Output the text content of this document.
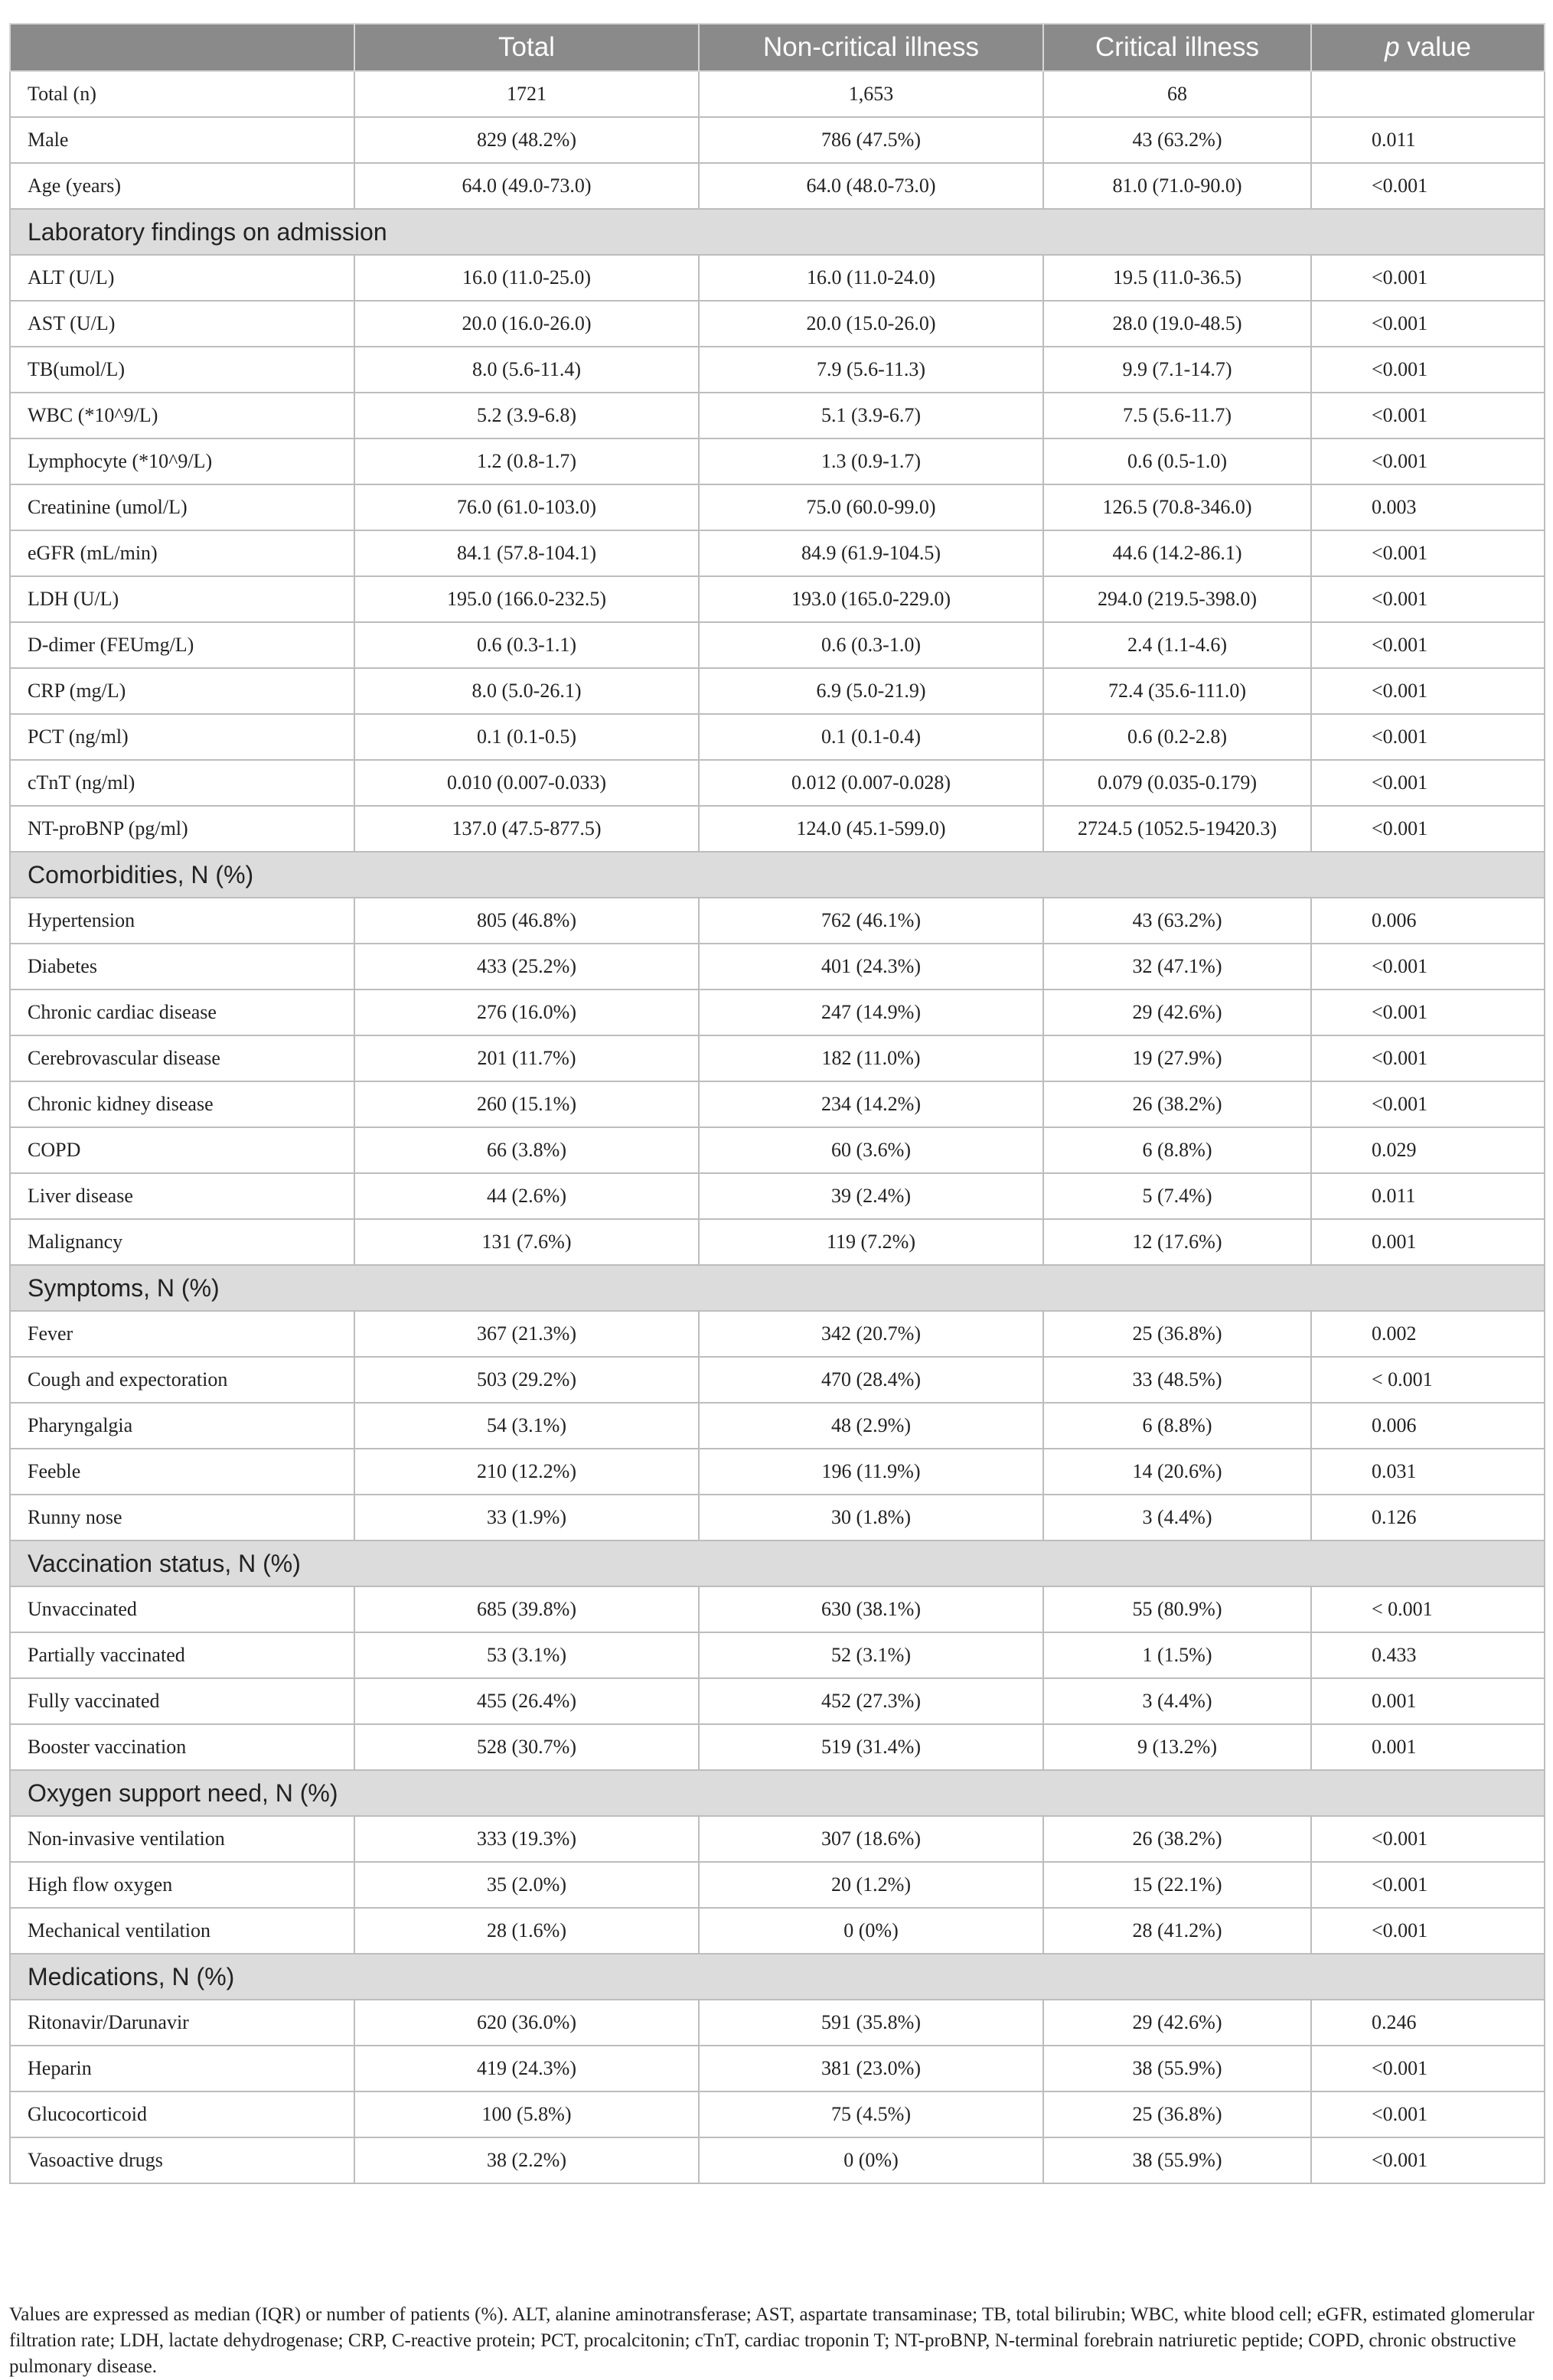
	Total	Non-critical illness	Critical illness	p value
Total (n)	1721	1,653	68	
Male	829 (48.2%)	786 (47.5%)	43 (63.2%)	0.011
Age (years)	64.0 (49.0-73.0)	64.0 (48.0-73.0)	81.0 (71.0-90.0)	<0.001
Laboratory findings on admission				
ALT (U/L)	16.0 (11.0-25.0)	16.0 (11.0-24.0)	19.5 (11.0-36.5)	<0.001
AST (U/L)	20.0 (16.0-26.0)	20.0 (15.0-26.0)	28.0 (19.0-48.5)	<0.001
TB(umol/L)	8.0 (5.6-11.4)	7.9 (5.6-11.3)	9.9 (7.1-14.7)	<0.001
WBC (*10^9/L)	5.2 (3.9-6.8)	5.1 (3.9-6.7)	7.5 (5.6-11.7)	<0.001
Lymphocyte (*10^9/L)	1.2 (0.8-1.7)	1.3 (0.9-1.7)	0.6 (0.5-1.0)	<0.001
Creatinine (umol/L)	76.0 (61.0-103.0)	75.0 (60.0-99.0)	126.5 (70.8-346.0)	0.003
eGFR (mL/min)	84.1 (57.8-104.1)	84.9 (61.9-104.5)	44.6 (14.2-86.1)	<0.001
LDH (U/L)	195.0 (166.0-232.5)	193.0 (165.0-229.0)	294.0 (219.5-398.0)	<0.001
D-dimer (FEUmg/L)	0.6 (0.3-1.1)	0.6 (0.3-1.0)	2.4 (1.1-4.6)	<0.001
CRP (mg/L)	8.0 (5.0-26.1)	6.9 (5.0-21.9)	72.4 (35.6-111.0)	<0.001
PCT (ng/ml)	0.1 (0.1-0.5)	0.1 (0.1-0.4)	0.6 (0.2-2.8)	<0.001
cTnT (ng/ml)	0.010 (0.007-0.033)	0.012 (0.007-0.028)	0.079 (0.035-0.179)	<0.001
NT-proBNP (pg/ml)	137.0 (47.5-877.5)	124.0 (45.1-599.0)	2724.5 (1052.5-19420.3)	<0.001
Comorbidities, N (%)				
Hypertension	805 (46.8%)	762 (46.1%)	43 (63.2%)	0.006
Diabetes	433 (25.2%)	401 (24.3%)	32 (47.1%)	<0.001
Chronic cardiac disease	276 (16.0%)	247 (14.9%)	29 (42.6%)	<0.001
Cerebrovascular disease	201 (11.7%)	182 (11.0%)	19 (27.9%)	<0.001
Chronic kidney disease	260 (15.1%)	234 (14.2%)	26 (38.2%)	<0.001
COPD	66 (3.8%)	60 (3.6%)	6 (8.8%)	0.029
Liver disease	44 (2.6%)	39 (2.4%)	5 (7.4%)	0.011
Malignancy	131 (7.6%)	119 (7.2%)	12 (17.6%)	0.001
Symptoms, N (%)				
Fever	367 (21.3%)	342 (20.7%)	25 (36.8%)	0.002
Cough and expectoration	503 (29.2%)	470 (28.4%)	33 (48.5%)	< 0.001
Pharyngalgia	54 (3.1%)	48 (2.9%)	6 (8.8%)	0.006
Feeble	210 (12.2%)	196 (11.9%)	14 (20.6%)	0.031
Runny nose	33 (1.9%)	30 (1.8%)	3 (4.4%)	0.126
Vaccination status, N (%)				
Unvaccinated	685 (39.8%)	630 (38.1%)	55 (80.9%)	< 0.001
Partially vaccinated	53 (3.1%)	52 (3.1%)	1 (1.5%)	0.433
Fully vaccinated	455 (26.4%)	452 (27.3%)	3 (4.4%)	0.001
Booster vaccination	528 (30.7%)	519 (31.4%)	9 (13.2%)	0.001
Oxygen support need, N (%)				
Non-invasive ventilation	333 (19.3%)	307 (18.6%)	26 (38.2%)	<0.001
High flow oxygen	35 (2.0%)	20 (1.2%)	15 (22.1%)	<0.001
Mechanical ventilation	28 (1.6%)	0 (0%)	28 (41.2%)	<0.001
Medications, N (%)				
Ritonavir/Darunavir	620 (36.0%)	591 (35.8%)	29 (42.6%)	0.246
Heparin	419 (24.3%)	381 (23.0%)	38 (55.9%)	<0.001
Glucocorticoid	100 (5.8%)	75 (4.5%)	25 (36.8%)	<0.001
Vasoactive drugs	38 (2.2%)	0 (0%)	38 (55.9%)	<0.001
Values are expressed as median (IQR) or number of patients (%). ALT, alanine aminotransferase; AST, aspartate transaminase; TB, total bilirubin; WBC, white blood cell; eGFR, estimated glomerular filtration rate; LDH, lactate dehydrogenase; CRP, C-reactive protein; PCT, procalcitonin; cTnT, cardiac troponin T; NT-proBNP, N-terminal forebrain natriuretic peptide; COPD, chronic obstructive pulmonary disease.
